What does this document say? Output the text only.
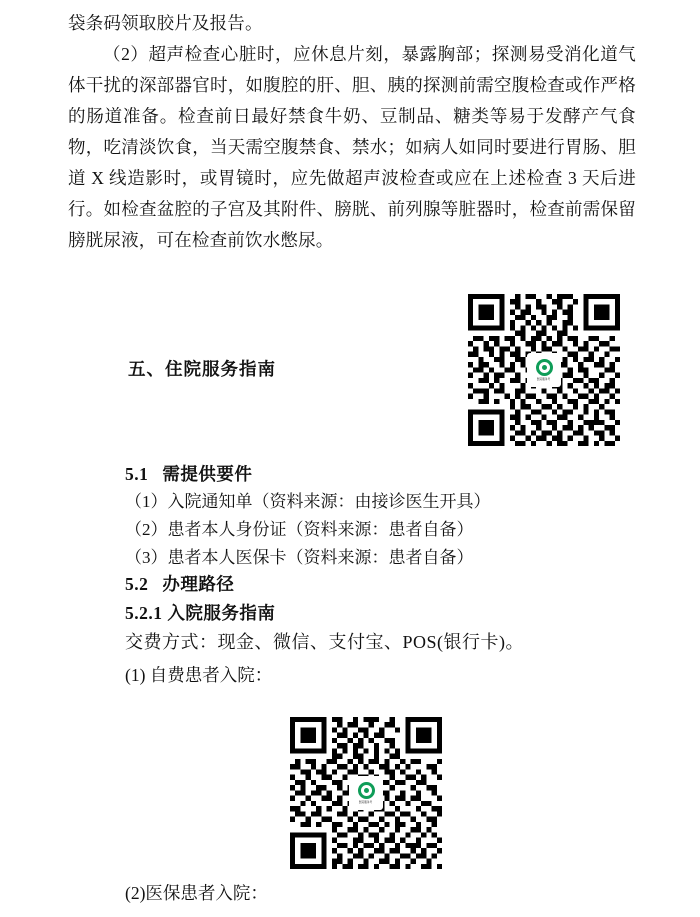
袋条码领取胶片及报告。

（2）超声检查心脏时，应休息片刻，暴露胸部；探测易受消化道气体干扰的深部器官时，如腹腔的肝、胆、胰的探测前需空腹检查或作严格的肠道准备。检查前日最好禁食牛奶、豆制品、糖类等易于发酵产气食物，吃清淡饮食，当天需空腹禁食、禁水；如病人如同时要进行胃肠、胆道 X 线造影时，或胃镜时，应先做超声波检查或应在上述检查 3 天后进行。如检查盆腔的子宫及其附件、膀胱、前列腺等脏器时，检查前需保留膀胱尿液，可在检查前饮水憋尿。

五、住院服务指南	医院服务号

5.1 需提供要件

（1）入院通知单（资料来源：由接诊医生开具）

（2）患者本人身份证（资料来源：患者自备）

（3）患者本人医保卡（资料来源：患者自备）

5.2 办理路径

5.2.1 入院服务指南

交费方式：现金、微信、支付宝、POS(银行卡)。

(1) 自费患者入院：

医院服务号
(2)医保患者入院：
